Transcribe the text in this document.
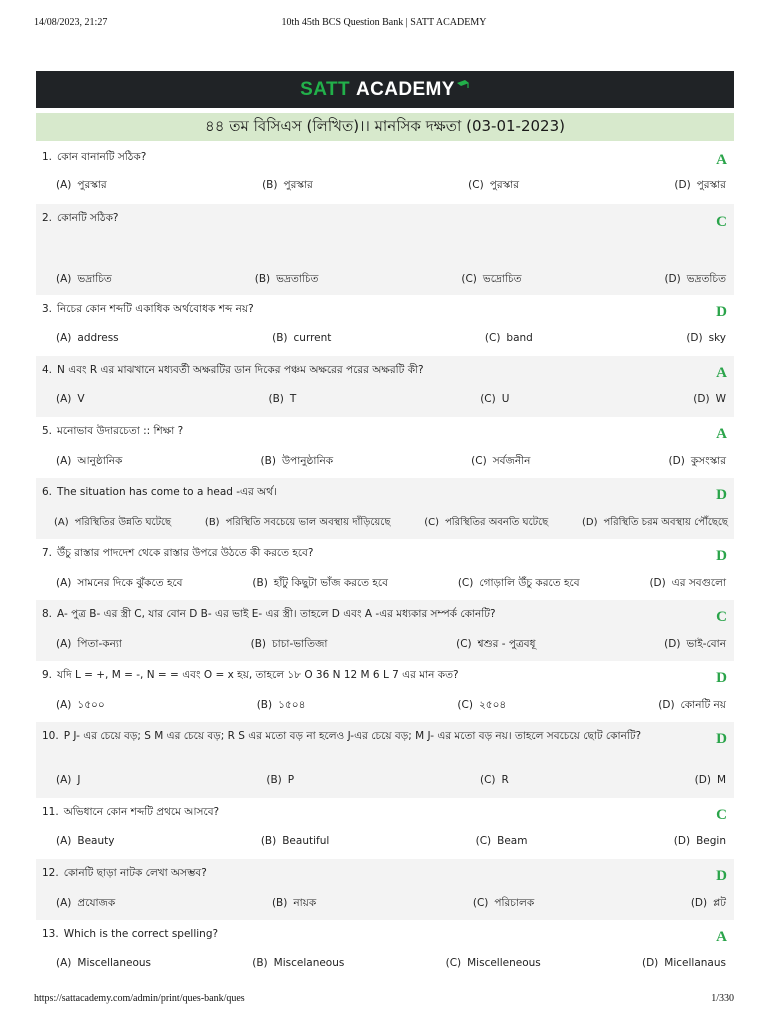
14/08/2023, 21:27	10th 45th BCS Question Bank | SATT ACADEMY
SATT ACADEMY
৪৪ তম বিসিএস (লিখিত)।। মানসিক দক্ষতা (03-01-2023)
1. কোন বানানটি সঠিক?	A
(A) পুরস্কার	(B) পুরস্কার	(C) পুরস্কার	(D) পুরস্কার
2. কোনটি সঠিক?	C
(A) ভদ্রাচিত	(B) ভদ্রতাচিত	(C) ভদ্রোচিত	(D) ভদ্রতচিত
3. নিচের কোন শব্দটি একাধিক অর্থবোধক শব্দ নয়?	D
(A) address	(B) current	(C) band	(D) sky
4. N এবং R এর মাঝখানে মধ্যবর্তী অক্ষরটির ডান দিকের পঞ্চম অক্ষরের পরের অক্ষরটি কী?	A
(A) V	(B) T	(C) U	(D) W
5. মনোভাব উদারচেতা :: শিক্ষা ?	A
(A) আনুষ্ঠানিক	(B) উপানুষ্ঠানিক	(C) সর্বজনীন	(D) কুসংস্কার
6. The situation has come to a head -এর অর্থ।	D
(A) পরিস্থিতির উন্নতি ঘটেছে	(B) পরিস্থিতি সবচেয়ে ভাল অবস্থায় দাঁড়িয়েছে	(C) পরিস্থিতির অবনতি ঘটেছে	(D) পরিস্থিতি চরম অবস্থায় পৌঁছেছে
7. উঁচু রাস্তার পাদদেশ থেকে রাস্তার উপরে উঠতে কী করতে হবে?	D
(A) সামনের দিকে ঝুঁকতে হবে	(B) হাঁটু কিছুটা ভাঁজ করতে হবে	(C) গোড়ালি উঁচু করতে হবে	(D) এর সবগুলো
8. A- পুত্র B- এর স্ত্রী C, যার বোন D B- এর ভাই E- এর স্ত্রী। তাহলে D এবং A -এর মধ্যকার সম্পর্ক কোনটি?	C
(A) পিতা-কন্যা	(B) চাচা-ভাতিজা	(C) শ্বশুর - পুত্রবধূ	(D) ভাই-বোন
9. যদি L = +, M = -, N = = এবং O = x হয়, তাহলে ১৮ O 36 N 12 M 6 L 7 এর মান কত?	D
(A) ১৫০০	(B) ১৫০৪	(C) ২৫০৪	(D) কোনটি নয়
10. P J- এর চেয়ে বড়; S M এর চেয়ে বড়; R S এর মতো বড় না হলেও J-এর চেয়ে বড়; M J- এর মতো বড় নয়। তাহলে সবচেয়ে ছোট কোনটি?	D
(A) J	(B) P	(C) R	(D) M
11. অভিধানে কোন শব্দটি প্রথমে আসবে?	C
(A) Beauty	(B) Beautiful	(C) Beam	(D) Begin
12. কোনটি ছাড়া নাটক লেখা অসম্ভব?	D
(A) প্রযোজক	(B) নায়ক	(C) পরিচালক	(D) প্লট
13. Which is the correct spelling?	A
(A) Miscellaneous	(B) Miscelaneous	(C) Miscelleneous	(D) Micellanaus
https://sattacademy.com/admin/print/ques-bank/ques	1/330
